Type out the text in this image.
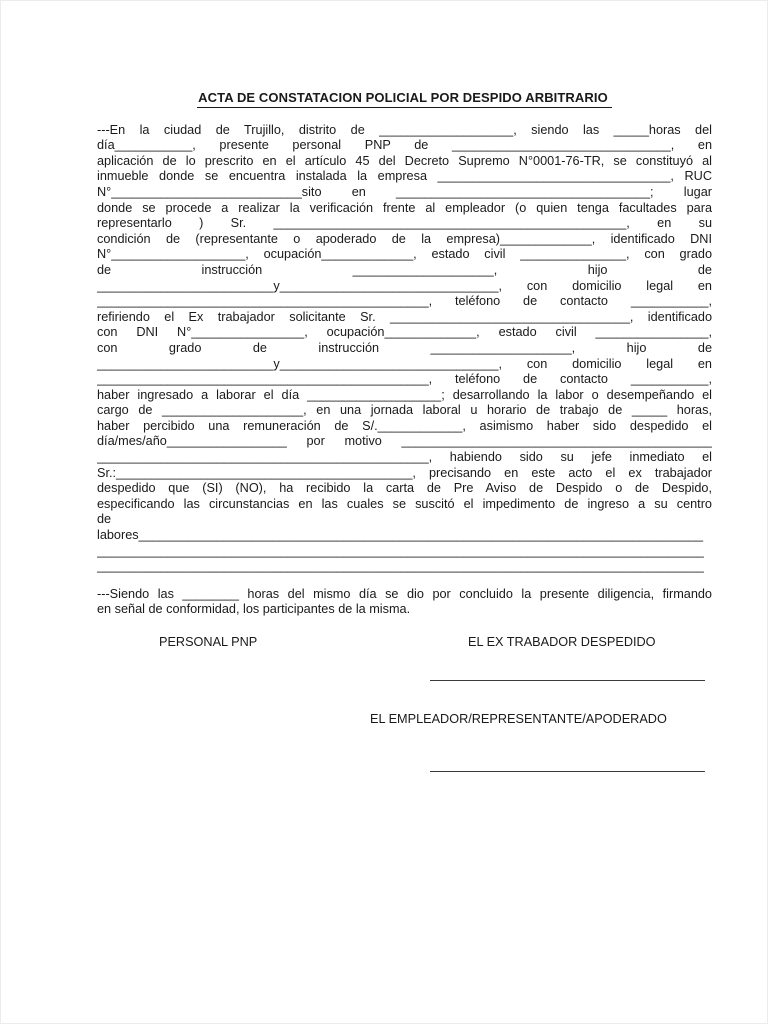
ACTA DE CONSTATACION POLICIAL POR DESPIDO ARBITRARIO
---En la ciudad de Trujillo, distrito de ___________________, siendo las _____horas del
día___________, presente personal PNP de _______________________________, en
aplicación de lo prescrito en el artículo 45 del Decreto Supremo N°0001-76-TR, se constituyó al
inmueble donde se encuentra instalada la empresa _________________________________, RUC
N°___________________________sito en ____________________________________; lugar
donde se procede a realizar la verificación frente al empleador (o quien tenga facultades para
representarlo ) Sr. __________________________________________________, en su
condición de (representante o apoderado de la empresa)_____________, identificado DNI
N°___________________, ocupación_____________, estado civil _______________, con grado
de instrucción ____________________, hijo de
_________________________y_______________________________, con domicilio legal en
_______________________________________________, teléfono de contacto ___________,
refiriendo el Ex trabajador solicitante Sr. __________________________________, identificado
con DNI N°________________, ocupación_____________, estado civil ________________,
con grado de instrucción ____________________, hijo de
_________________________y_______________________________, con domicilio legal en
_______________________________________________, teléfono de contacto ___________,
haber ingresado a laborar el día ___________________; desarrollando la labor o desempeñando el
cargo de ____________________, en una jornada laboral u horario de trabajo de _____ horas,
haber percibido una remuneración de S/.____________, asimismo haber sido despedido el
día/mes/año_________________ por motivo ____________________________________________
_______________________________________________, habiendo sido su jefe inmediato el
Sr.:__________________________________________, precisando en este acto el ex trabajador
despedido que (SI) (NO), ha recibido la carta de Pre Aviso de Despido o de Despido,
especificando las circunstancias en las cuales se suscitó el impedimento de ingreso a su centro
de
labores________________________________________________________________________________
______________________________________________________________________________________
______________________________________________________________________________________
---Siendo las ________ horas del mismo día se dio por concluido la presente diligencia, firmando
en señal de conformidad, los participantes de la misma.
PERSONAL PNP	EL EX TRABADOR DESPEDIDO
EL EMPLEADOR/REPRESENTANTE/APODERADO
